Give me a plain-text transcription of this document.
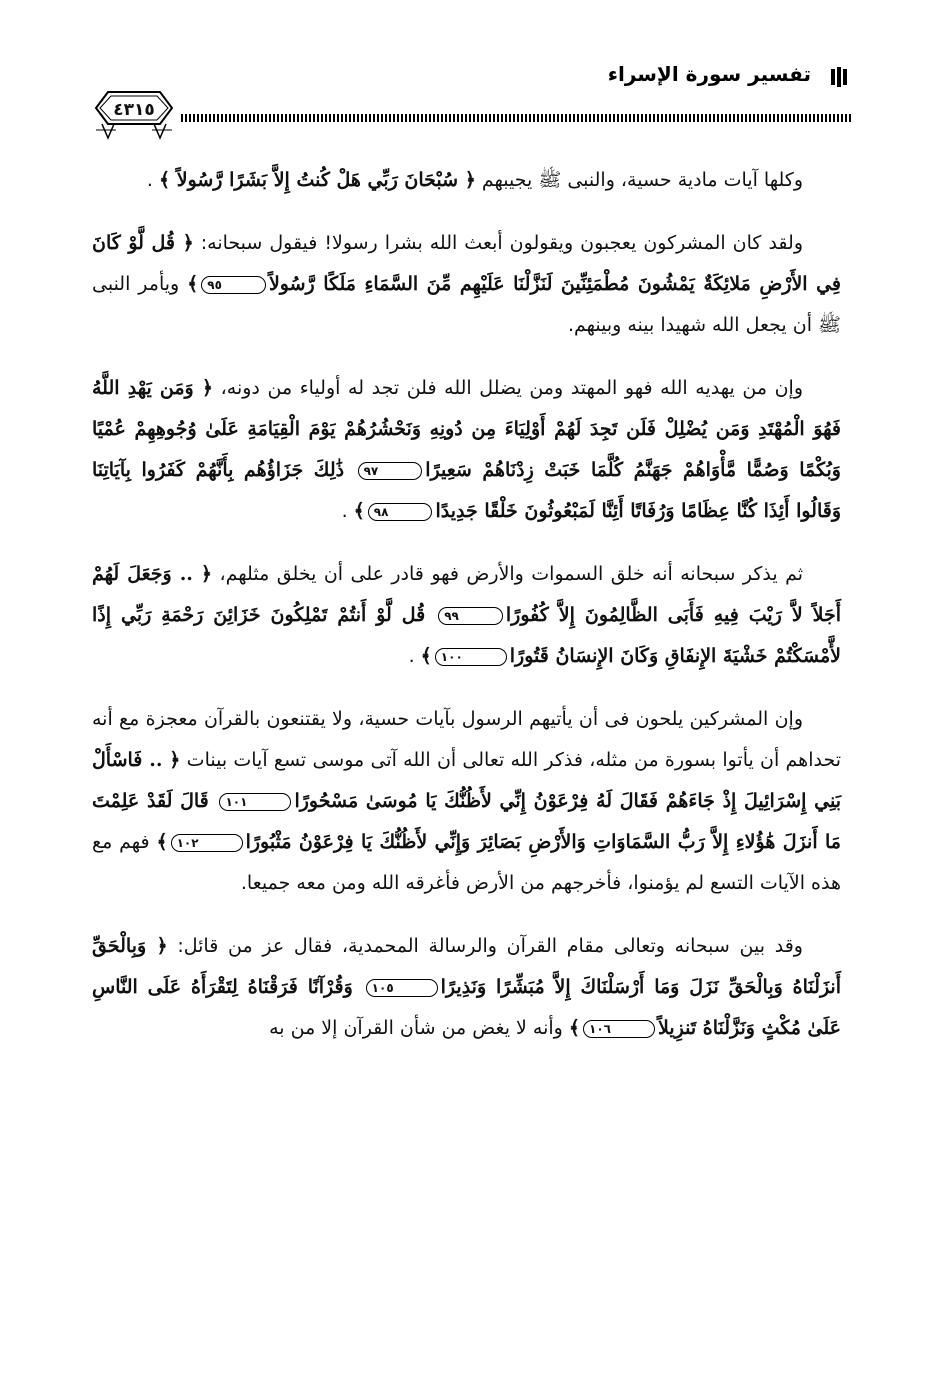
تفسير سورة الإسراء
٤٣١٥

وكلها آيات مادية حسية، والنبى ﷺ يجيبهم ﴿ سُبْحَانَ رَبِّي هَلْ كُنتُ إِلاَّ بَشَرًا رَّسُولاً ﴾ .

ولقد كان المشركون يعجبون ويقولون أبعث الله بشرا رسولا! فيقول سبحانه: ﴿ قُل لَّوْ كَانَ فِي الأَرْضِ مَلائِكَةٌ يَمْشُونَ مُطْمَئِنِّينَ لَنَزَّلْنَا عَلَيْهِم مِّنَ السَّمَاءِ مَلَكًا رَّسُولاً٩٥﴾ ويأمر النبى ﷺ أن يجعل الله شهيدا بينه وبينهم.

وإن من يهديه الله فهو المهتد ومن يضلل الله فلن تجد له أولياء من دونه، ﴿ وَمَن يَهْدِ اللَّهُ فَهُوَ الْمُهْتَدِ وَمَن يُضْلِلْ فَلَن تَجِدَ لَهُمْ أَوْلِيَاءَ مِن دُونِهِ وَنَحْشُرُهُمْ يَوْمَ الْقِيَامَةِ عَلَىٰ وُجُوهِهِمْ عُمْيًا وَبُكْمًا وَصُمًّا مَّأْوَاهُمْ جَهَنَّمُ كُلَّمَا خَبَتْ زِدْنَاهُمْ سَعِيرًا٩٧ ذَٰلِكَ جَزَاؤُهُم بِأَنَّهُمْ كَفَرُوا بِآيَاتِنَا وَقَالُوا أَئِذَا كُنَّا عِظَامًا وَرُفَاتًا أَئِنَّا لَمَبْعُوثُونَ خَلْقًا جَدِيدًا٩٨﴾ .

ثم يذكر سبحانه أنه خلق السموات والأرض فهو قادر على أن يخلق مثلهم، ﴿ .. وَجَعَلَ لَهُمْ أَجَلاً لاَّ رَيْبَ فِيهِ فَأَبَى الظَّالِمُونَ إِلاَّ كُفُورًا٩٩ قُل لَّوْ أَنتُمْ تَمْلِكُونَ خَزَائِنَ رَحْمَةِ رَبِّي إِذًا لأَّمْسَكْتُمْ خَشْيَةَ الإِنفَاقِ وَكَانَ الإِنسَانُ قَتُورًا١٠٠﴾ .

وإن المشركين يلحون فى أن يأتيهم الرسول بآيات حسية، ولا يقتنعون بالقرآن معجزة مع أنه تحداهم أن يأتوا بسورة من مثله، فذكر الله تعالى أن الله آتى موسى تسع آيات بينات ﴿ .. فَاسْأَلْ بَنِي إِسْرَائِيلَ إِذْ جَاءَهُمْ فَقَالَ لَهُ فِرْعَوْنُ إِنِّي لأَظُنُّكَ يَا مُوسَىٰ مَسْحُورًا١٠١ قَالَ لَقَدْ عَلِمْتَ مَا أَنزَلَ هَٰؤُلاءِ إِلاَّ رَبُّ السَّمَاوَاتِ وَالأَرْضِ بَصَائِرَ وَإِنِّي لأَظُنُّكَ يَا فِرْعَوْنُ مَثْبُورًا١٠٢﴾ فهم مع هذه الآيات التسع لم يؤمنوا، فأخرجهم من الأرض فأغرقه الله ومن معه جميعا.

وقد بين سبحانه وتعالى مقام القرآن والرسالة المحمدية، فقال عز من قائل: ﴿ وَبِالْحَقِّ أَنزَلْنَاهُ وَبِالْحَقِّ نَزَلَ وَمَا أَرْسَلْنَاكَ إِلاَّ مُبَشِّرًا وَنَذِيرًا١٠٥ وَقُرْآنًا فَرَقْنَاهُ لِتَقْرَأَهُ عَلَى النَّاسِ عَلَىٰ مُكْثٍ وَنَزَّلْنَاهُ تَنزِيلاً١٠٦﴾ وأنه لا يغض من شأن القرآن إلا من به
